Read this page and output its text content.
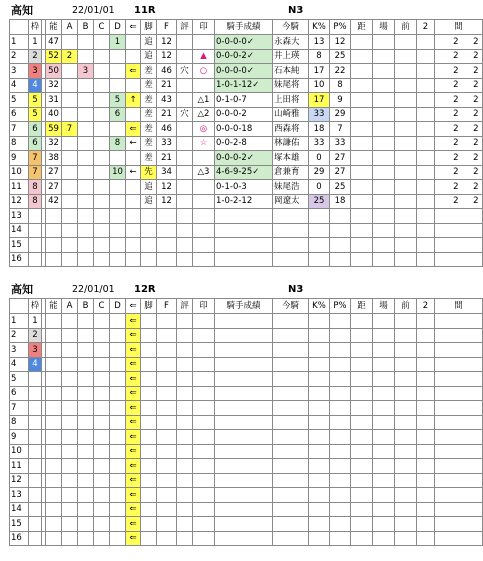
高知	22/01/01 11R	N3
	枠		能	A	B	C	D	⇐	脚	F	評	印	騎手成績	今騎	K%	P%	距	場	前	2	間
1	1		47				1		追	12			0-0-0-0✓	永森大	13	12					2 2
2	2		52	2					追	12		▲	0-0-0-2✓	井上瑛	8	25					2 2
3	3		50		3			⇐	差	46	穴	○	0-0-0-0✓	石本純	17	22					2 2
4	4		32						差	21			1-0-1-12✓	妹尾将	10	8					2 2
5	5		31				5	↑	差	43		△1	0-1-0-7	上田将	17	9					2 2
6	5		40				6		差	21	穴	△2	0-0-0-2	山崎雅	33	29					2 2
7	6		59	7				⇐	差	46		◎	0-0-0-18	西森将	18	7					2 2
8	6		32				8	←	差	33		☆	0-0-2-8	林謙佑	33	33					2 2
9	7		38						差	21			0-0-0-2✓	塚本雄	0	27					2 2
10	7		27				10	←	先	34		△3	4-6-9-25✓	倉兼育	29	27					2 2
11	8		27						追	12			0-1-0-3	妹尾浩	0	25					2 2
12	8		42						追	12			1-0-2-12	岡遼太	25	18					2 2
13																					
14																					
15																					
16																					
高知	22/01/01 12R	N3
	枠		能	A	B	C	D	⇐	脚	F	評	印	騎手成績	今騎	K%	P%	距	場	前	2	間
1	1							⇐													
2	2							⇐													
3	3							⇐													
4	4							⇐													
5								⇐													
6								⇐													
7								⇐													
8								⇐													
9								⇐													
10								⇐													
11								⇐													
12								⇐													
13								⇐													
14								⇐													
15								⇐													
16								⇐													
